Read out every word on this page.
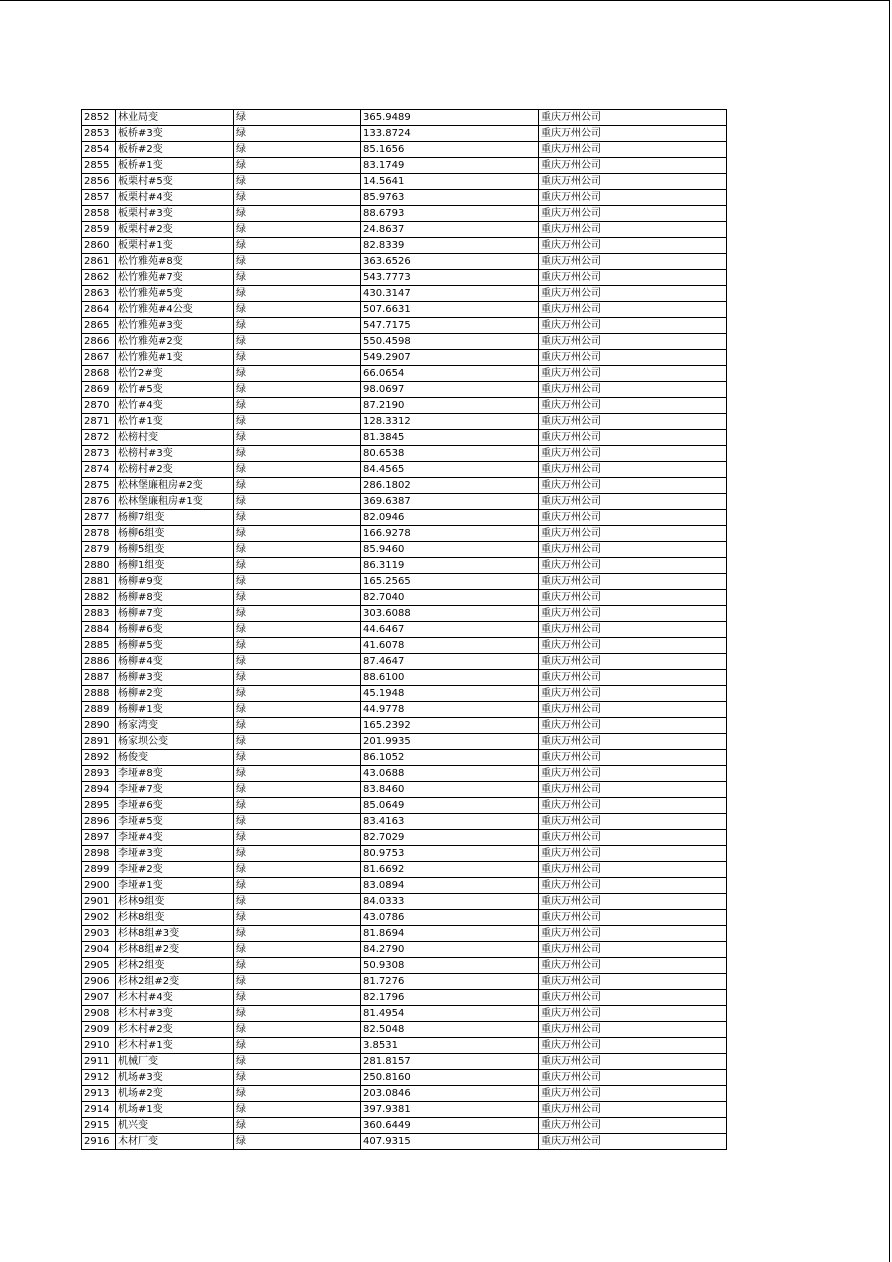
2852	林业局变	绿	365.9489	重庆万州公司
2853	板桥#3变	绿	133.8724	重庆万州公司
2854	板桥#2变	绿	85.1656	重庆万州公司
2855	板桥#1变	绿	83.1749	重庆万州公司
2856	板栗村#5变	绿	14.5641	重庆万州公司
2857	板栗村#4变	绿	85.9763	重庆万州公司
2858	板栗村#3变	绿	88.6793	重庆万州公司
2859	板栗村#2变	绿	24.8637	重庆万州公司
2860	板栗村#1变	绿	82.8339	重庆万州公司
2861	松竹雅苑#8变	绿	363.6526	重庆万州公司
2862	松竹雅苑#7变	绿	543.7773	重庆万州公司
2863	松竹雅苑#5变	绿	430.3147	重庆万州公司
2864	松竹雅苑#4公变	绿	507.6631	重庆万州公司
2865	松竹雅苑#3变	绿	547.7175	重庆万州公司
2866	松竹雅苑#2变	绿	550.4598	重庆万州公司
2867	松竹雅苑#1变	绿	549.2907	重庆万州公司
2868	松竹2#变	绿	66.0654	重庆万州公司
2869	松竹#5变	绿	98.0697	重庆万州公司
2870	松竹#4变	绿	87.2190	重庆万州公司
2871	松竹#1变	绿	128.3312	重庆万州公司
2872	松榜村变	绿	81.3845	重庆万州公司
2873	松榜村#3变	绿	80.6538	重庆万州公司
2874	松榜村#2变	绿	84.4565	重庆万州公司
2875	松林堡廉租房#2变	绿	286.1802	重庆万州公司
2876	松林堡廉租房#1变	绿	369.6387	重庆万州公司
2877	杨柳7组变	绿	82.0946	重庆万州公司
2878	杨柳6组变	绿	166.9278	重庆万州公司
2879	杨柳5组变	绿	85.9460	重庆万州公司
2880	杨柳1组变	绿	86.3119	重庆万州公司
2881	杨柳#9变	绿	165.2565	重庆万州公司
2882	杨柳#8变	绿	82.7040	重庆万州公司
2883	杨柳#7变	绿	303.6088	重庆万州公司
2884	杨柳#6变	绿	44.6467	重庆万州公司
2885	杨柳#5变	绿	41.6078	重庆万州公司
2886	杨柳#4变	绿	87.4647	重庆万州公司
2887	杨柳#3变	绿	88.6100	重庆万州公司
2888	杨柳#2变	绿	45.1948	重庆万州公司
2889	杨柳#1变	绿	44.9778	重庆万州公司
2890	杨家湾变	绿	165.2392	重庆万州公司
2891	杨家坝公变	绿	201.9935	重庆万州公司
2892	杨俊变	绿	86.1052	重庆万州公司
2893	李垭#8变	绿	43.0688	重庆万州公司
2894	李垭#7变	绿	83.8460	重庆万州公司
2895	李垭#6变	绿	85.0649	重庆万州公司
2896	李垭#5变	绿	83.4163	重庆万州公司
2897	李垭#4变	绿	82.7029	重庆万州公司
2898	李垭#3变	绿	80.9753	重庆万州公司
2899	李垭#2变	绿	81.6692	重庆万州公司
2900	李垭#1变	绿	83.0894	重庆万州公司
2901	杉林9组变	绿	84.0333	重庆万州公司
2902	杉林8组变	绿	43.0786	重庆万州公司
2903	杉林8组#3变	绿	81.8694	重庆万州公司
2904	杉林8组#2变	绿	84.2790	重庆万州公司
2905	杉林2组变	绿	50.9308	重庆万州公司
2906	杉林2组#2变	绿	81.7276	重庆万州公司
2907	杉木村#4变	绿	82.1796	重庆万州公司
2908	杉木村#3变	绿	81.4954	重庆万州公司
2909	杉木村#2变	绿	82.5048	重庆万州公司
2910	杉木村#1变	绿	3.8531	重庆万州公司
2911	机械厂变	绿	281.8157	重庆万州公司
2912	机场#3变	绿	250.8160	重庆万州公司
2913	机场#2变	绿	203.0846	重庆万州公司
2914	机场#1变	绿	397.9381	重庆万州公司
2915	机兴变	绿	360.6449	重庆万州公司
2916	木材厂变	绿	407.9315	重庆万州公司
